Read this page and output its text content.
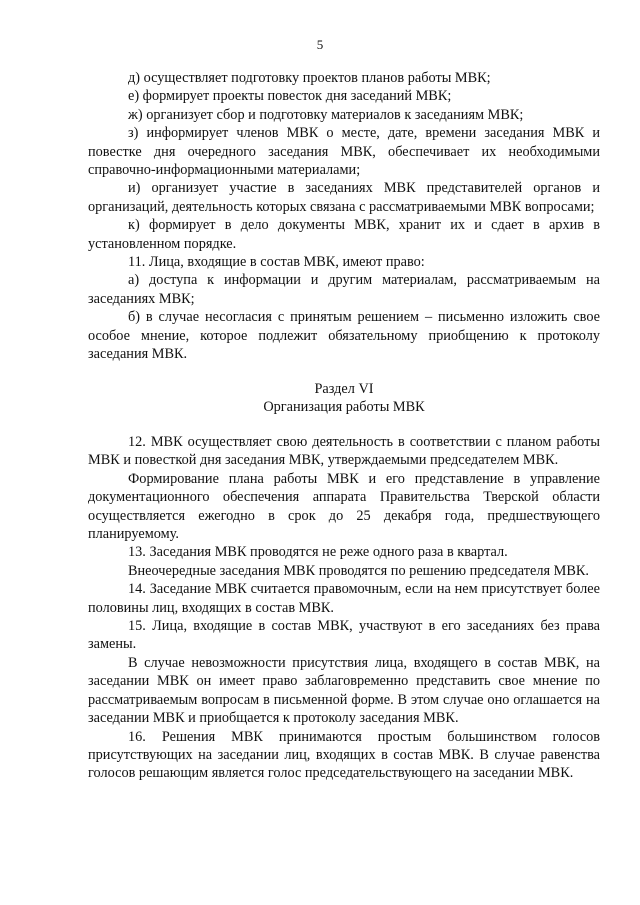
5

д) осуществляет подготовку проектов планов работы МВК;

е) формирует проекты повесток дня заседаний МВК;

ж) организует сбор и подготовку материалов к заседаниям МВК;

з) информирует членов МВК о месте, дате, времени заседания МВК и повестке дня очередного заседания МВК, обеспечивает их необходимыми справочно-информационными материалами;

и) организует участие в заседаниях МВК представителей органов и организаций, деятельность которых связана с рассматриваемыми МВК вопросами;

к) формирует в дело документы МВК, хранит их и сдает в архив в установленном порядке.

11. Лица, входящие в состав МВК, имеют право:

а) доступа к информации и другим материалам, рассматриваемым на заседаниях МВК;

б) в случае несогласия с принятым решением – письменно изложить свое особое мнение, которое подлежит обязательному приобщению к протоколу заседания МВК.

Раздел VI
Организация работы МВК

12. МВК осуществляет свою деятельность в соответствии с планом работы МВК и повесткой дня заседания МВК, утверждаемыми председателем МВК.

Формирование плана работы МВК и его представление в управление документационного обеспечения аппарата Правительства Тверской области осуществляется ежегодно в срок до 25 декабря года, предшествующего планируемому.

13. Заседания МВК проводятся не реже одного раза в квартал.

Внеочередные заседания МВК проводятся по решению председателя МВК.

14. Заседание МВК считается правомочным, если на нем присутствует более половины лиц, входящих в состав МВК.

15. Лица, входящие в состав МВК, участвуют в его заседаниях без права замены.

В случае невозможности присутствия лица, входящего в состав МВК, на заседании МВК он имеет право заблаговременно представить свое мнение по рассматриваемым вопросам в письменной форме. В этом случае оно оглашается на заседании МВК и приобщается к протоколу заседания МВК.

16. Решения МВК принимаются простым большинством голосов присутствующих на заседании лиц, входящих в состав МВК. В случае равенства голосов решающим является голос председательствующего на заседании МВК.
